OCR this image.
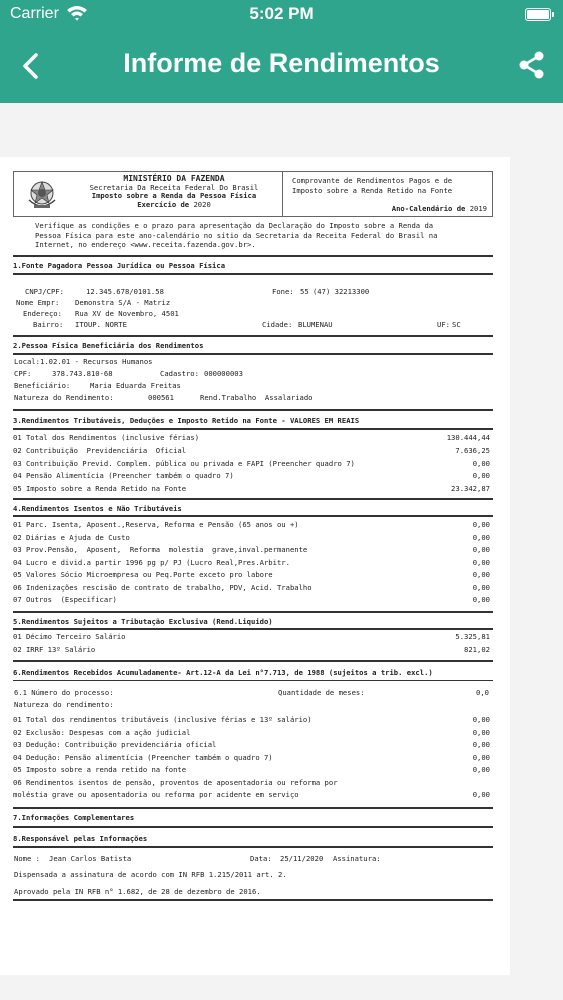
Carrier	5:02 PM
Informe de Rendimentos
MINISTÉRIO DA FAZENDA
Secretaria Da Receita Federal Do Brasil
Imposto sobre a Renda da Pessoa Física
Exercício de 2020
Comprovante de Rendimentos Pagos e de
Imposto sobre a Renda Retido na Fonte
Ano-Calendário de 2019
Verifique as condições e o prazo para apresentação da Declaração do Imposto sobre a Renda da
Pessoa Física para este ano-calendário no sítio da Secretaria da Receita Federal do Brasil na
Internet, no endereço <www.receita.fazenda.gov.br>.
1.Fonte Pagadora Pessoa Jurídica ou Pessoa Física
CNPJ/CPF:	12.345.678/0101.58	Fone: 55 (47) 32213300
Nome Empr: Demonstra S/A - Matriz
Endereço: Rua XV de Novembro, 4501
Bairro: ITOUP. NORTE	Cidade: BLUMENAU	UF: SC
2.Pessoa Física Beneficiária dos Rendimentos
Local:1.02.01 - Recursos Humanos
CPF:	378.743.810-68	Cadastro: 000000003
Beneficiário:	Maria Eduarda Freitas
Natureza do Rendimento:	000561	Rend.Trabalho  Assalariado
3.Rendimentos Tributáveis, Deduções e Imposto Retido na Fonte - VALORES EM REAIS
01 Total dos Rendimentos (inclusive férias)	130.444,44
02 Contribuição  Previdenciária  Oficial	7.636,25
03 Contribuição Previd. Complem. pública ou privada e FAPI (Preencher quadro 7)	0,00
04 Pensão Alimentícia (Preencher também o quadro 7)	0,00
05 Imposto sobre a Renda Retido na Fonte	23.342,87
4.Rendimentos Isentos e Não Tributáveis
01 Parc. Isenta, Aposent.,Reserva, Reforma e Pensão (65 anos ou +)	0,00
02 Diárias e Ajuda de Custo	0,00
03 Prov.Pensão,  Aposent,  Reforma  molestia  grave,inval.permanente	0,00
04 Lucro e divid.a partir 1996 pg p/ PJ (Lucro Real,Pres.Arbitr.	0,00
05 Valores Sócio Microempresa ou Peq.Porte exceto pro labore	0,00
06 Indenizações rescisão de contrato de trabalho, PDV, Acid. Trabalho	0,00
07 Outros  (Especificar)	0,00
5.Rendimentos Sujeitos a Tributação Exclusiva (Rend.Liquido)
01 Décimo Terceiro Salário	5.325,81
02 IRRF 13º Salário	821,02
6.Rendimentos Recebidos Acumuladamente- Art.12-A da Lei n°7.713, de 1988 (sujeitos a trib. excl.)
6.1 Número do processo:	Quantidade de meses:	0,0
Natureza do rendimento:
01 Total dos rendimentos tributáveis (inclusive férias e 13º salário)	0,00
02 Exclusão: Despesas com a ação judicial	0,00
03 Dedução: Contribuição previdenciária oficial	0,00
04 Dedução: Pensão alimentícia (Preencher também o quadro 7)	0,00
05 Imposto sobre a renda retido na fonte	0,00
06 Rendimentos isentos de pensão, proventos de aposentadoria ou reforma por
moléstia grave ou aposentadoria ou reforma por acidente em serviço	0,00
7.Informações Complementares
8.Responsável pelas Informações
Nome : Jean Carlos Batista	Data: 25/11/2020 Assinatura:
Dispensada a assinatura de acordo com IN RFB 1.215/2011 art. 2.
Aprovado pela IN RFB n° 1.682, de 28 de dezembro de 2016.
